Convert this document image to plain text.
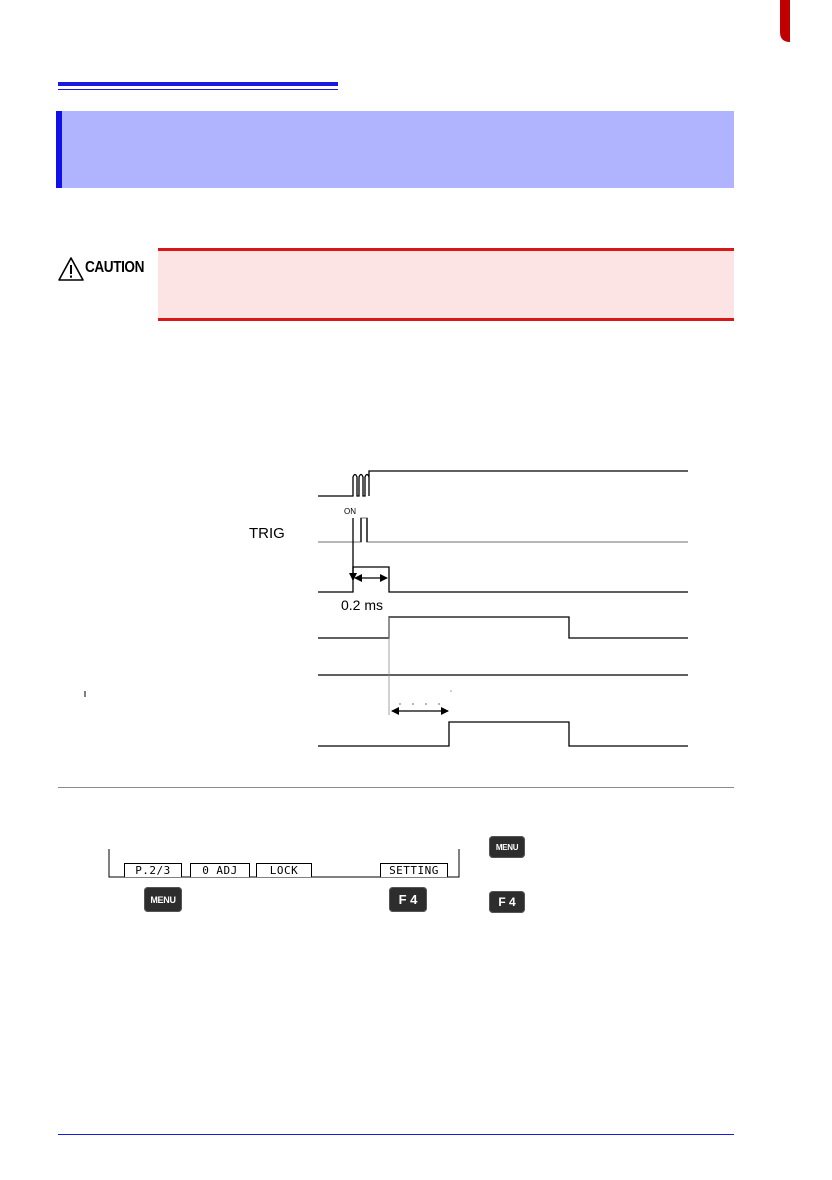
CAUTION
TRIG
ON
0.2 ms
P.2/3	0 ADJ	LOCK	SETTING
MENU	F 4
MENU
F 4
